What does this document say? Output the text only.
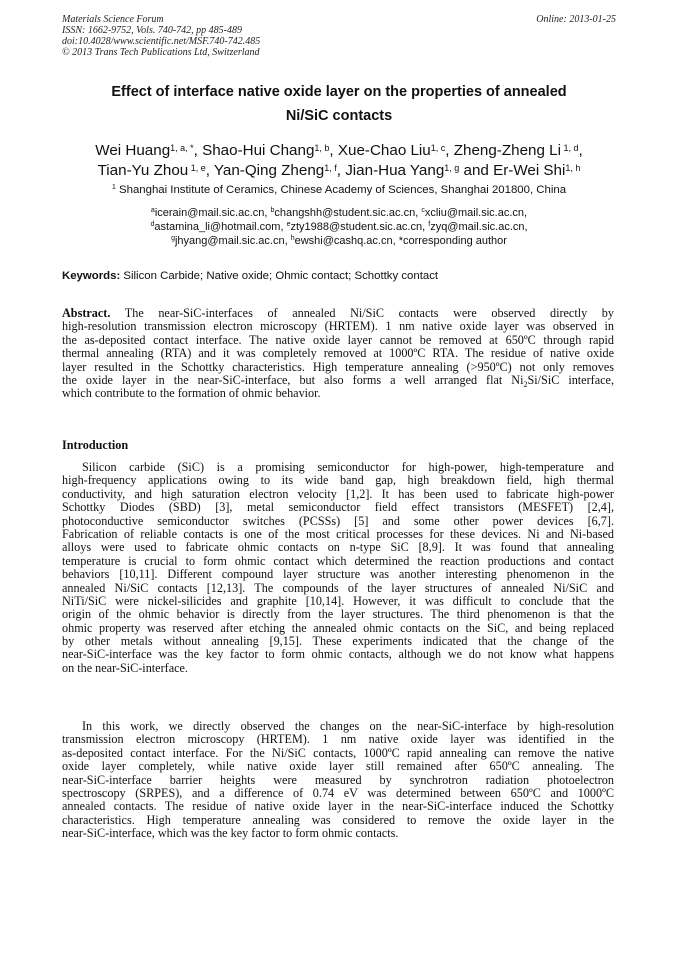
Materials Science Forum
ISSN: 1662-9752, Vols. 740-742, pp 485-489
doi:10.4028/www.scientific.net/MSF.740-742.485
© 2013 Trans Tech Publications Ltd, Switzerland
Online: 2013-01-25
Effect of interface native oxide layer on the properties of annealed
Ni/SiC contacts
Wei Huang$^{1, a, *}$, Shao-Hui Chang$^{1, b}$, Xue-Chao Liu$^{1, c}$, Zheng-Zheng Li $^{1, d}$,
Tian-Yu Zhou $^{1, e}$, Yan-Qing Zheng$^{1, f}$, Jian-Hua Yang$^{1, g}$ and Er-Wei Shi$^{1, h}$
$^1$ Shanghai Institute of Ceramics, Chinese Academy of Sciences, Shanghai 201800, China
$^a$icerain@mail.sic.ac.cn, $^b$changshh@student.sic.ac.cn, $^c$xcliu@mail.sic.ac.cn,
$^d$astamina_li@hotmail.com, $^e$zty1988@student.sic.ac.cn, $^f$zyq@mail.sic.ac.cn,
$^g$jhyang@mail.sic.ac.cn, $^h$ewshi@cashq.ac.cn, *corresponding author
Keywords: Silicon Carbide; Native oxide; Ohmic contact; Schottky contact
Abstract. The near-SiC-interfaces of annealed Ni/SiC contacts were observed directly by
high-resolution transmission electron microscopy (HRTEM). 1 nm native oxide layer was observed in
the as-deposited contact interface. The native oxide layer cannot be removed at 650ºC through rapid
thermal annealing (RTA) and it was completely removed at 1000ºC RTA. The residue of native oxide
layer resulted in the Schottky characteristics. High temperature annealing (>950ºC) not only removes
the oxide layer in the near-SiC-interface, but also forms a well arranged flat $Ni_2Si$/SiC interface,
which contribute to the formation of ohmic behavior.
Introduction
Silicon carbide (SiC) is a promising semiconductor for high-power, high-temperature and
high-frequency applications owing to its wide band gap, high breakdown field, high thermal
conductivity, and high saturation electron velocity [1,2]. It has been used to fabricate high-power
Schottky Diodes (SBD) [3], metal semiconductor field effect transistors (MESFET) [2,4],
photoconductive semiconductor switches (PCSSs) [5] and some other power devices [6,7].
Fabrication of reliable contacts is one of the most critical processes for these devices. Ni and Ni-based
alloys were used to fabricate ohmic contacts on n-type SiC [8,9]. It was found that annealing
temperature is crucial to form ohmic contact which determined the reaction productions and contact
behaviors [10,11]. Different compound layer structure was another interesting phenomenon in the
annealed Ni/SiC contacts [12,13]. The compounds of the layer structures of annealed Ni/SiC and
NiTi/SiC were nickel-silicides and graphite [10,14]. However, it was difficult to conclude that the
origin of the ohmic behavior is directly from the layer structures. The third phenomenon is that the
ohmic property was reserved after etching the annealed ohmic contacts on the SiC, and being replaced
by other metals without annealing [9,15]. These experiments indicated that the change of the
near-SiC-interface was the key factor to form ohmic contacts, although we do not know what happens
on the near-SiC-interface.
In this work, we directly observed the changes on the near-SiC-interface by high-resolution
transmission electron microscopy (HRTEM). 1 nm native oxide layer was identified in the
as-deposited contact interface. For the Ni/SiC contacts, 1000ºC rapid annealing can remove the native
oxide layer completely, while native oxide layer still remained after 650ºC annealing. The
near-SiC-interface barrier heights were measured by synchrotron radiation photoelectron
spectroscopy (SRPES), and a difference of 0.74 eV was determined between 650ºC and 1000ºC
annealed contacts. The residue of native oxide layer in the near-SiC-interface induced the Schottky
characteristics. High temperature annealing was considered to remove the oxide layer in the
near-SiC-interface, which was the key factor to form ohmic contacts.
